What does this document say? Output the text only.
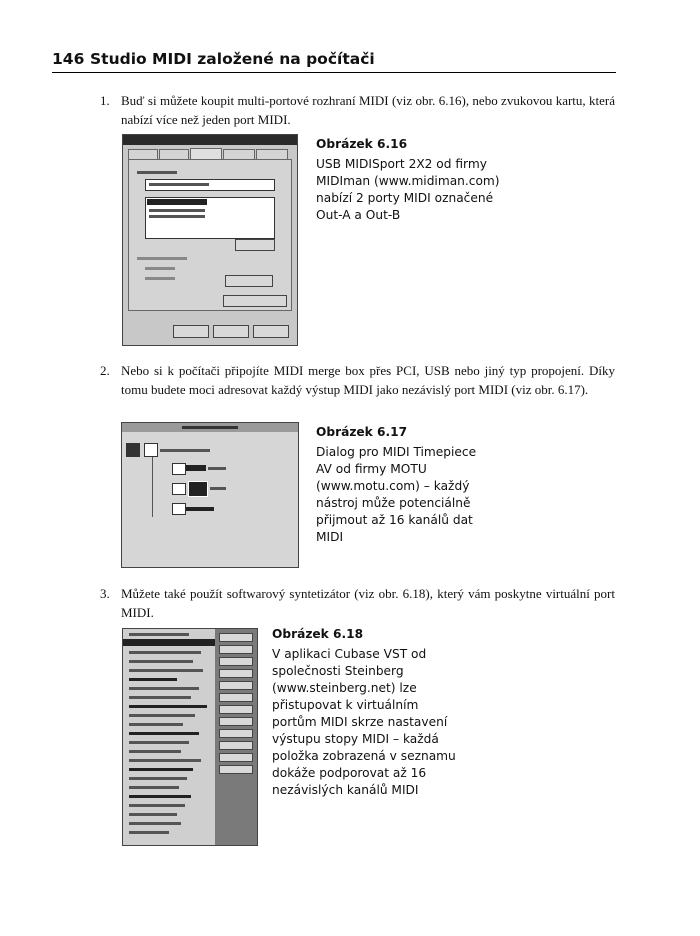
146 Studio MIDI založené na počítači
1. Buď si můžete koupit multi-portové rozhraní MIDI (viz obr. 6.16), nebo zvukovou kartu, která nabízí více než jeden port MIDI.
Obrázek 6.16
USB MIDISport 2X2 od firmy MIDIman (www.midiman.com) nabízí 2 porty MIDI označené Out-A a Out-B
2. Nebo si k počítači připojíte MIDI merge box přes PCI, USB nebo jiný typ propojení. Díky tomu budete moci adresovat každý výstup MIDI jako nezávislý port MIDI (viz obr. 6.17).
Obrázek 6.17
Dialog pro MIDI Timepiece AV od firmy MOTU (www.motu.com) – každý nástroj může potenciálně přijmout až 16 kanálů dat MIDI
3. Můžete také použít softwarový syntetizátor (viz obr. 6.18), který vám poskytne virtuální port MIDI.
Obrázek 6.18
V aplikaci Cubase VST od společnosti Steinberg (www.steinberg.net) lze přistupovat k virtuálním portům MIDI skrze nastavení výstupu stopy MIDI – každá položka zobrazená v seznamu dokáže podporovat až 16 nezávislých kanálů MIDI
